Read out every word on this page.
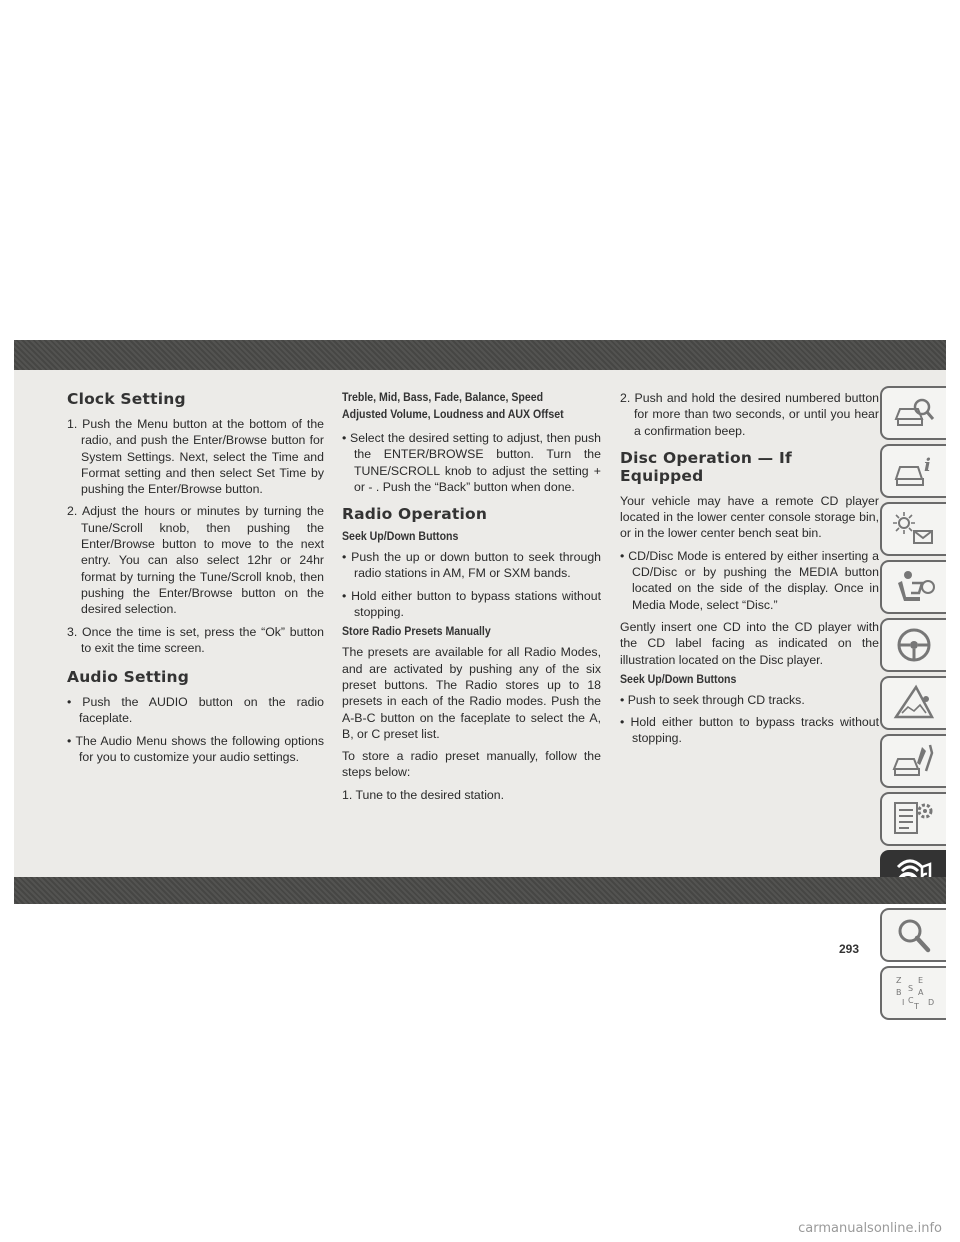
Clock Setting
1. Push the Menu button at the bottom of the radio, and push the Enter/Browse button for System Settings. Next, select the Time and Format setting and then select Set Time by pushing the Enter/Browse button.
2. Adjust the hours or minutes by turning the Tune/Scroll knob, then pushing the Enter/Browse button to move to the next entry. You can also select 12hr or 24hr format by turning the Tune/Scroll knob, then pushing the Enter/Browse button on the desired selection.
3. Once the time is set, press the “Ok” button to exit the time screen.
Audio Setting
• Push the AUDIO button on the radio faceplate.
• The Audio Menu shows the following options for you to customize your audio settings.
Treble, Mid, Bass, Fade, Balance, Speed Adjusted Volume, Loudness and AUX Offset
• Select the desired setting to adjust, then push the ENTER/BROWSE button. Turn the TUNE/SCROLL knob to adjust the setting + or - . Push the “Back” button when done.
Radio Operation
Seek Up/Down Buttons
• Push the up or down button to seek through radio stations in AM, FM or SXM bands.
• Hold either button to bypass stations without stopping.
Store Radio Presets Manually

The presets are available for all Radio Modes, and are activated by pushing any of the six preset buttons. The Radio stores up to 18 presets in each of the Radio modes. Push the A-B-C button on the faceplate to select the A, B, or C preset list.

To store a radio preset manually, follow the steps below:

1. Tune to the desired station.
2. Push and hold the desired numbered button for more than two seconds, or until you hear a confirmation beep.
Disc Operation — If Equipped

Your vehicle may have a remote CD player located in the lower center console storage bin, or in the lower center bench seat bin.

• CD/Disc Mode is entered by either inserting a CD/Disc or by pushing the MEDIA button located on the side of the display. Once in Media Mode, select “Disc.”

Gently insert one CD into the CD player with the CD label facing as indicated on the illustration located on the Disc player.

Seek Up/Down Buttons
• Push to seek through CD tracks.
• Hold either button to bypass tracks without stopping.
i
Z E
B S A
I C
T D
293
carmanualsonline.info
